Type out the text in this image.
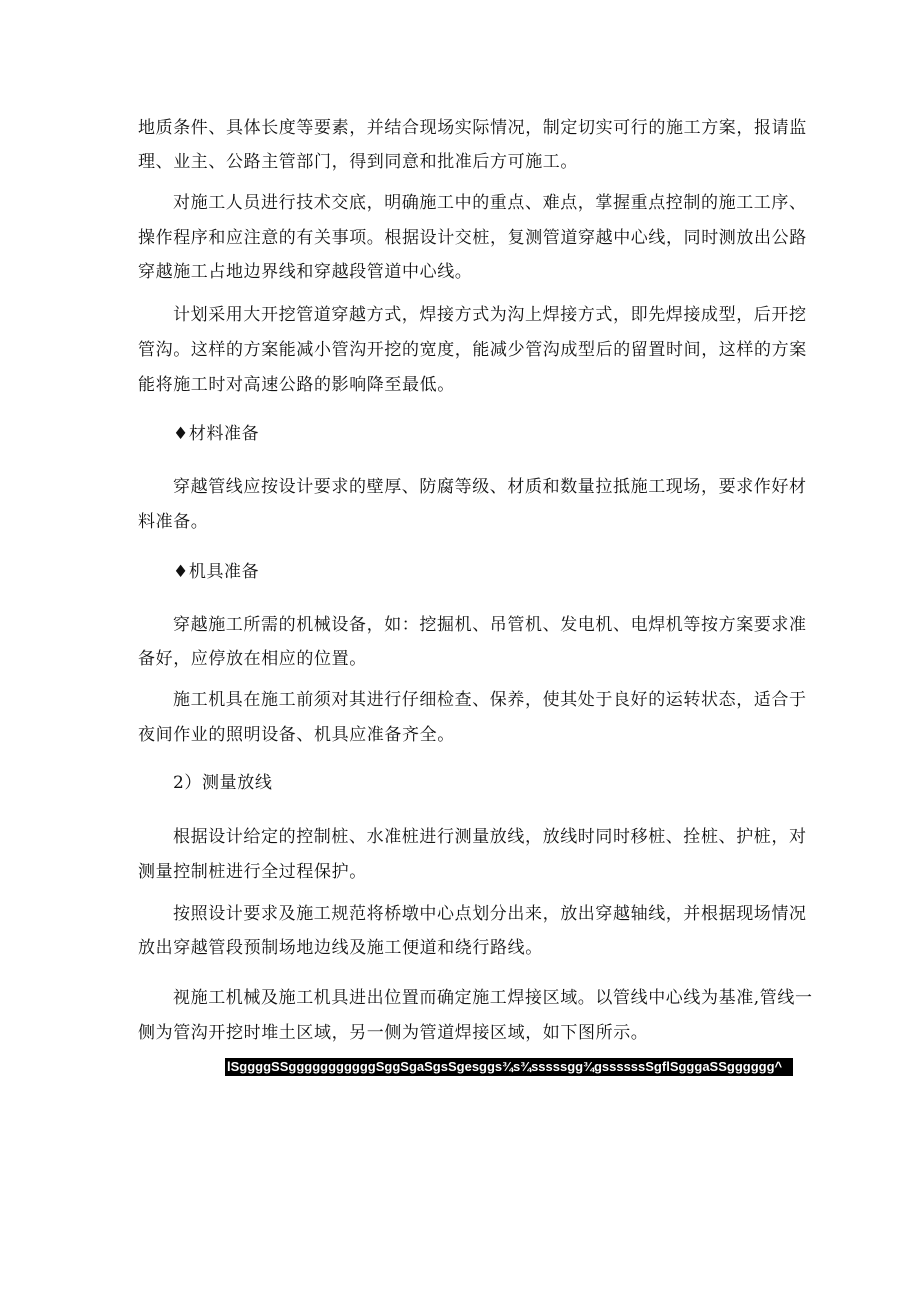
地质条件、具体长度等要素，并结合现场实际情况，制定切实可行的施工方案，报请监
理、业主、公路主管部门，得到同意和批准后方可施工。
对施工人员进行技术交底，明确施工中的重点、难点，掌握重点控制的施工工序、
操作程序和应注意的有关事项。根据设计交桩，复测管道穿越中心线，同时测放出公路
穿越施工占地边界线和穿越段管道中心线。
计划采用大开挖管道穿越方式，焊接方式为沟上焊接方式，即先焊接成型，后开挖
管沟。这样的方案能减小管沟开挖的宽度，能减少管沟成型后的留置时间，这样的方案
能将施工时对高速公路的影响降至最低。
♦材料准备
穿越管线应按设计要求的壁厚、防腐等级、材质和数量拉抵施工现场，要求作好材
料准备。
♦机具准备
穿越施工所需的机械设备，如：挖掘机、吊管机、发电机、电焊机等按方案要求准
备好，应停放在相应的位置。
施工机具在施工前须对其进行仔细检查、保养，使其处于良好的运转状态，适合于
夜间作业的照明设备、机具应准备齐全。
2）测量放线
根据设计给定的控制桩、水准桩进行测量放线，放线时同时移桩、拴桩、护桩，对
测量控制桩进行全过程保护。
按照设计要求及施工规范将桥墩中心点划分出来，放出穿越轴线，并根据现场情况
放出穿越管段预制场地边线及施工便道和绕行路线。
视施工机械及施工机具进出位置而确定施工焊接区域。以管线中心线为基准,管线一
侧为管沟开挖时堆土区域，另一侧为管道焊接区域，如下图所示。
lSggggSSgggggggggggSggSgaSgsSgesggs¾s¾sssssgg¾gssssssSgflSgggaSSgggggg^
